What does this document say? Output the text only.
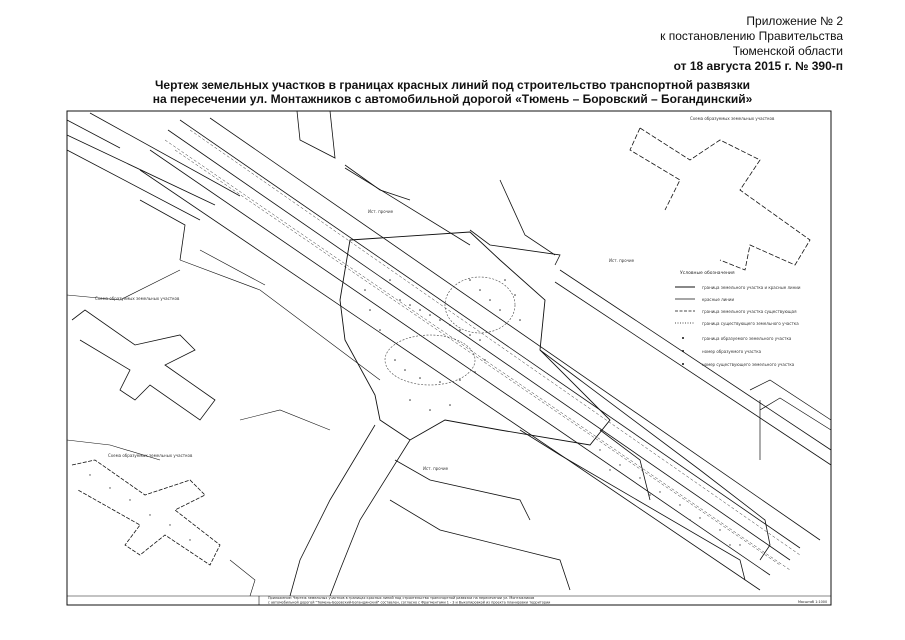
Приложение № 2
к постановлению Правительства
Тюменской области
от 18 августа 2015 г. № 390-п
Чертеж земельных участков в границах красных линий под строительство транспортной развязки
на пересечении ул. Монтажников с автомобильной дорогой «Тюмень – Боровский – Богандинский»
Схема образуемых земельных участков
Схема образуемых земельных участков
Схема образуемых земельных участков
Ист. прочие
Ист. прочие
Ист. прочие
Условные обозначения
граница земельного участка и красные линии
красные линии
граница земельного участка существующая
граница существующего земельного участка
граница образуемого земельного участка
номер образуемого участка
номер существующего земельного участка
Приложение: Чертеж земельных участков в границах красных линий под строительство транспортной развязки на пересечении ул. Монтажников
с автомобильной дорогой "Тюмень-Боровский-Богандинский" составлен, согласно с Фрагментами 1 - 3 и Выкопировкой из проекта планировки территории	Масштаб 1:1000
